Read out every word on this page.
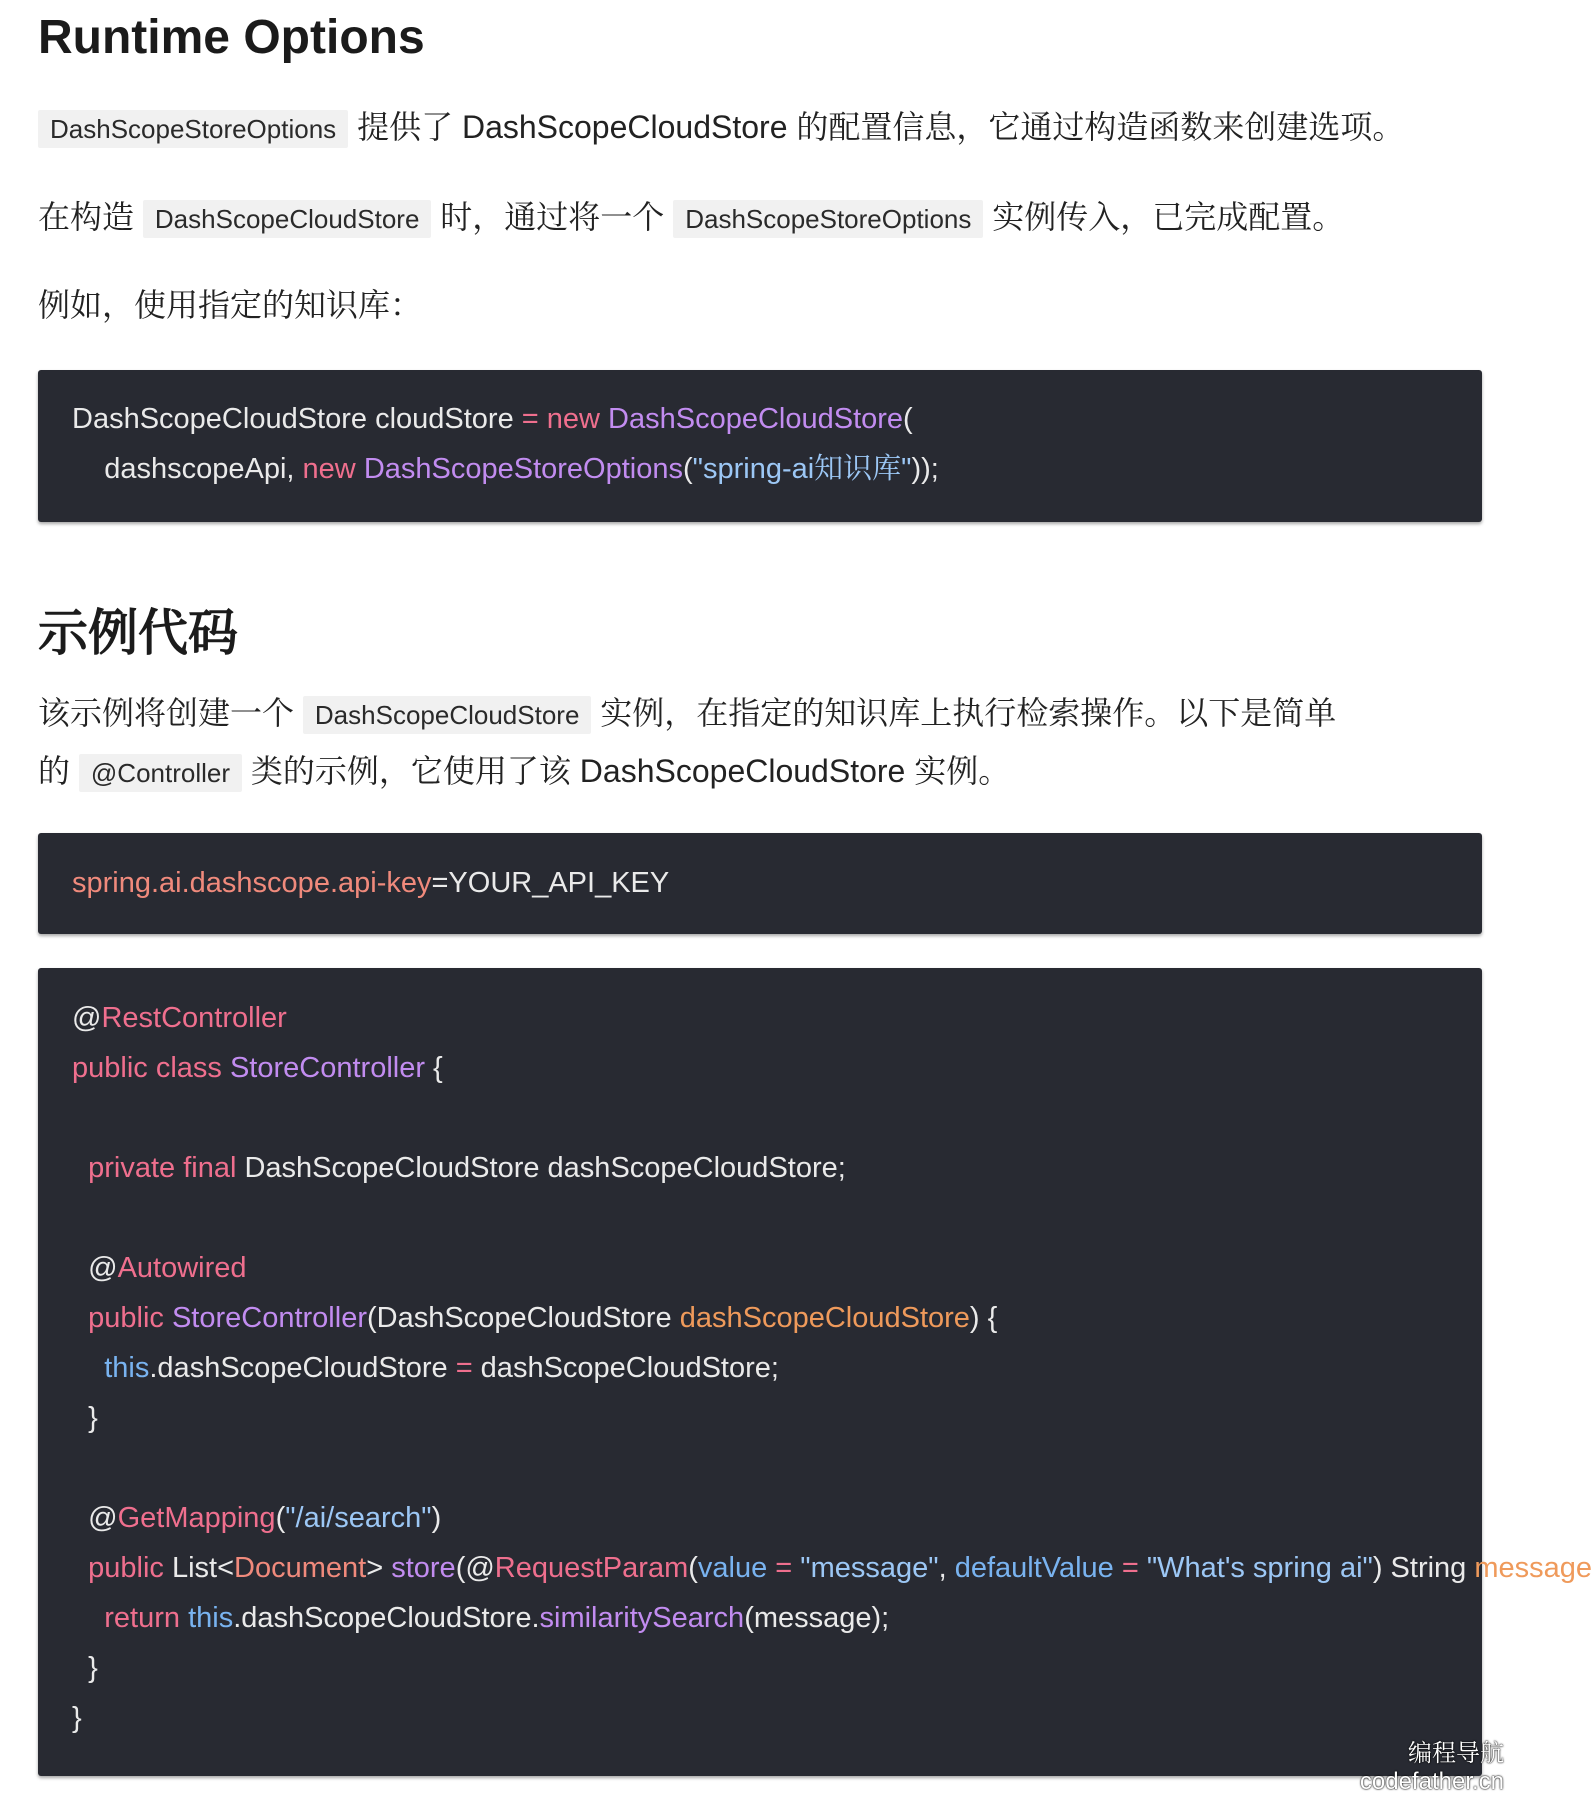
Runtime Options

DashScopeStoreOptions 提供了 DashScopeCloudStore 的配置信息，它通过构造函数来创建选项。

在构造 DashScopeCloudStore 时，通过将一个 DashScopeStoreOptions 实例传入，已完成配置。

例如，使用指定的知识库：

DashScopeCloudStore cloudStore = new DashScopeCloudStore(
dashscopeApi, new DashScopeStoreOptions("spring-ai知识库"));
示例代码

该示例将创建一个 DashScopeCloudStore 实例，在指定的知识库上执行检索操作。以下是简单

的 @Controller 类的示例，它使用了该 DashScopeCloudStore 实例。

spring.ai.dashscope.api-key=YOUR_API_KEY
@RestController
public class StoreController {
private final DashScopeCloudStore dashScopeCloudStore;
@Autowired
public StoreController(DashScopeCloudStore dashScopeCloudStore) {
this.dashScopeCloudStore = dashScopeCloudStore;
}
@GetMapping("/ai/search")
public List<Document> store(@RequestParam(value = "message", defaultValue = "What's spring ai") String message
return this.dashScopeCloudStore.similaritySearch(message);
}
}
编程导航
codefather.cn
